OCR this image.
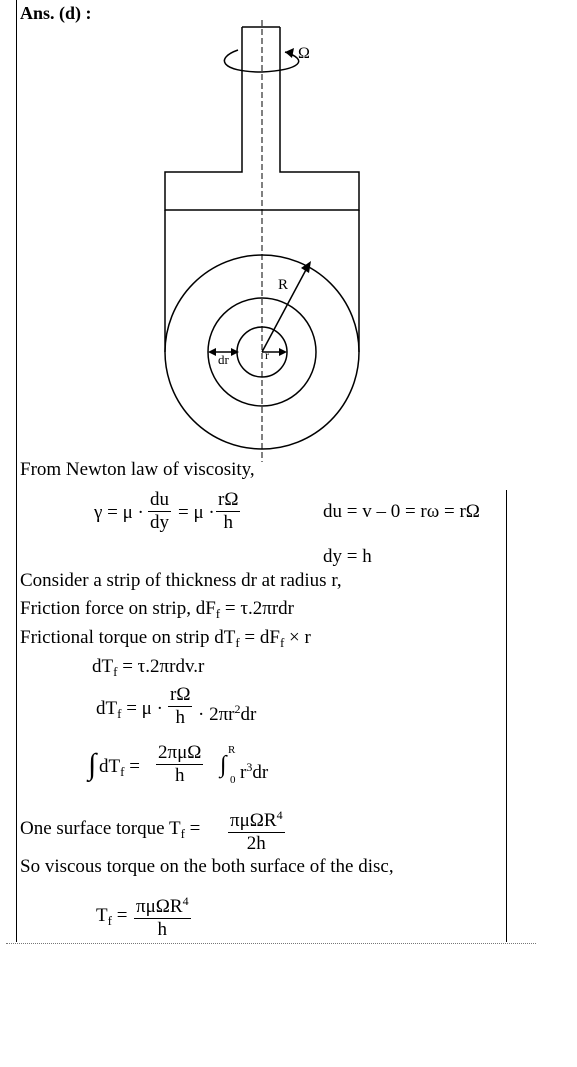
Ans. (d) :
Ω
R
dr	r
From Newton law of viscosity,
γ = μ ·
du
dy = μ ·
rΩ
h
du = v – 0 = rω = rΩ
dy = h
Consider a strip of thickness dr at radius r,
Friction force on strip, $dF_f = \tau.2\pi rdr$
Frictional torque on strip $dT_f = dF_f \times r$
$dT_f = \tau.2\pi rdv.r$
$dT_f = \mu$ ·
rΩ
$h \cdot 2\pi r^2dr$
∫ $dT_f$ =
2πμΩ
h
R
∫
0 $r^3dr$
One surface torque $T_f = \pi\mu\Omega R^4$
2h
So viscous torque on the both surface of the disc,
$T_f = \pi\mu\Omega R^4$
h
